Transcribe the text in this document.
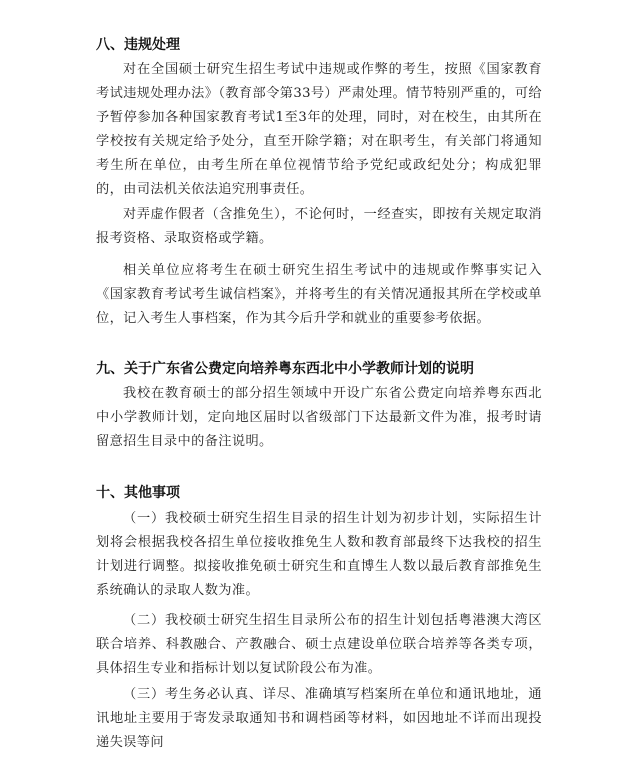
八、违规处理
对在全国硕士研究生招生考试中违规或作弊的考生，按照《国家教育考试违规处理办法》（教育部令第33号）严肃处理。情节特别严重的，可给予暂停参加各种国家教育考试1至3年的处理，同时，对在校生，由其所在学校按有关规定给予处分，直至开除学籍；对在职考生，有关部门将通知考生所在单位，由考生所在单位视情节给予党纪或政纪处分；构成犯罪的，由司法机关依法追究刑事责任。
对弄虚作假者（含推免生），不论何时，一经查实，即按有关规定取消报考资格、录取资格或学籍。
相关单位应将考生在硕士研究生招生考试中的违规或作弊事实记入《国家教育考试考生诚信档案》，并将考生的有关情况通报其所在学校或单位，记入考生人事档案，作为其今后升学和就业的重要参考依据。
九、关于广东省公费定向培养粤东西北中小学教师计划的说明
我校在教育硕士的部分招生领域中开设广东省公费定向培养粤东西北中小学教师计划，定向地区届时以省级部门下达最新文件为准，报考时请留意招生目录中的备注说明。
十、其他事项
（一）我校硕士研究生招生目录的招生计划为初步计划，实际招生计划将会根据我校各招生单位接收推免生人数和教育部最终下达我校的招生计划进行调整。拟接收推免硕士研究生和直博生人数以最后教育部推免生系统确认的录取人数为准。
（二）我校硕士研究生招生目录所公布的招生计划包括粤港澳大湾区联合培养、科教融合、产教融合、硕士点建设单位联合培养等各类专项，具体招生专业和指标计划以复试阶段公布为准。
（三）考生务必认真、详尽、准确填写档案所在单位和通讯地址，通讯地址主要用于寄发录取通知书和调档函等材料，如因地址不详而出现投递失误等问
